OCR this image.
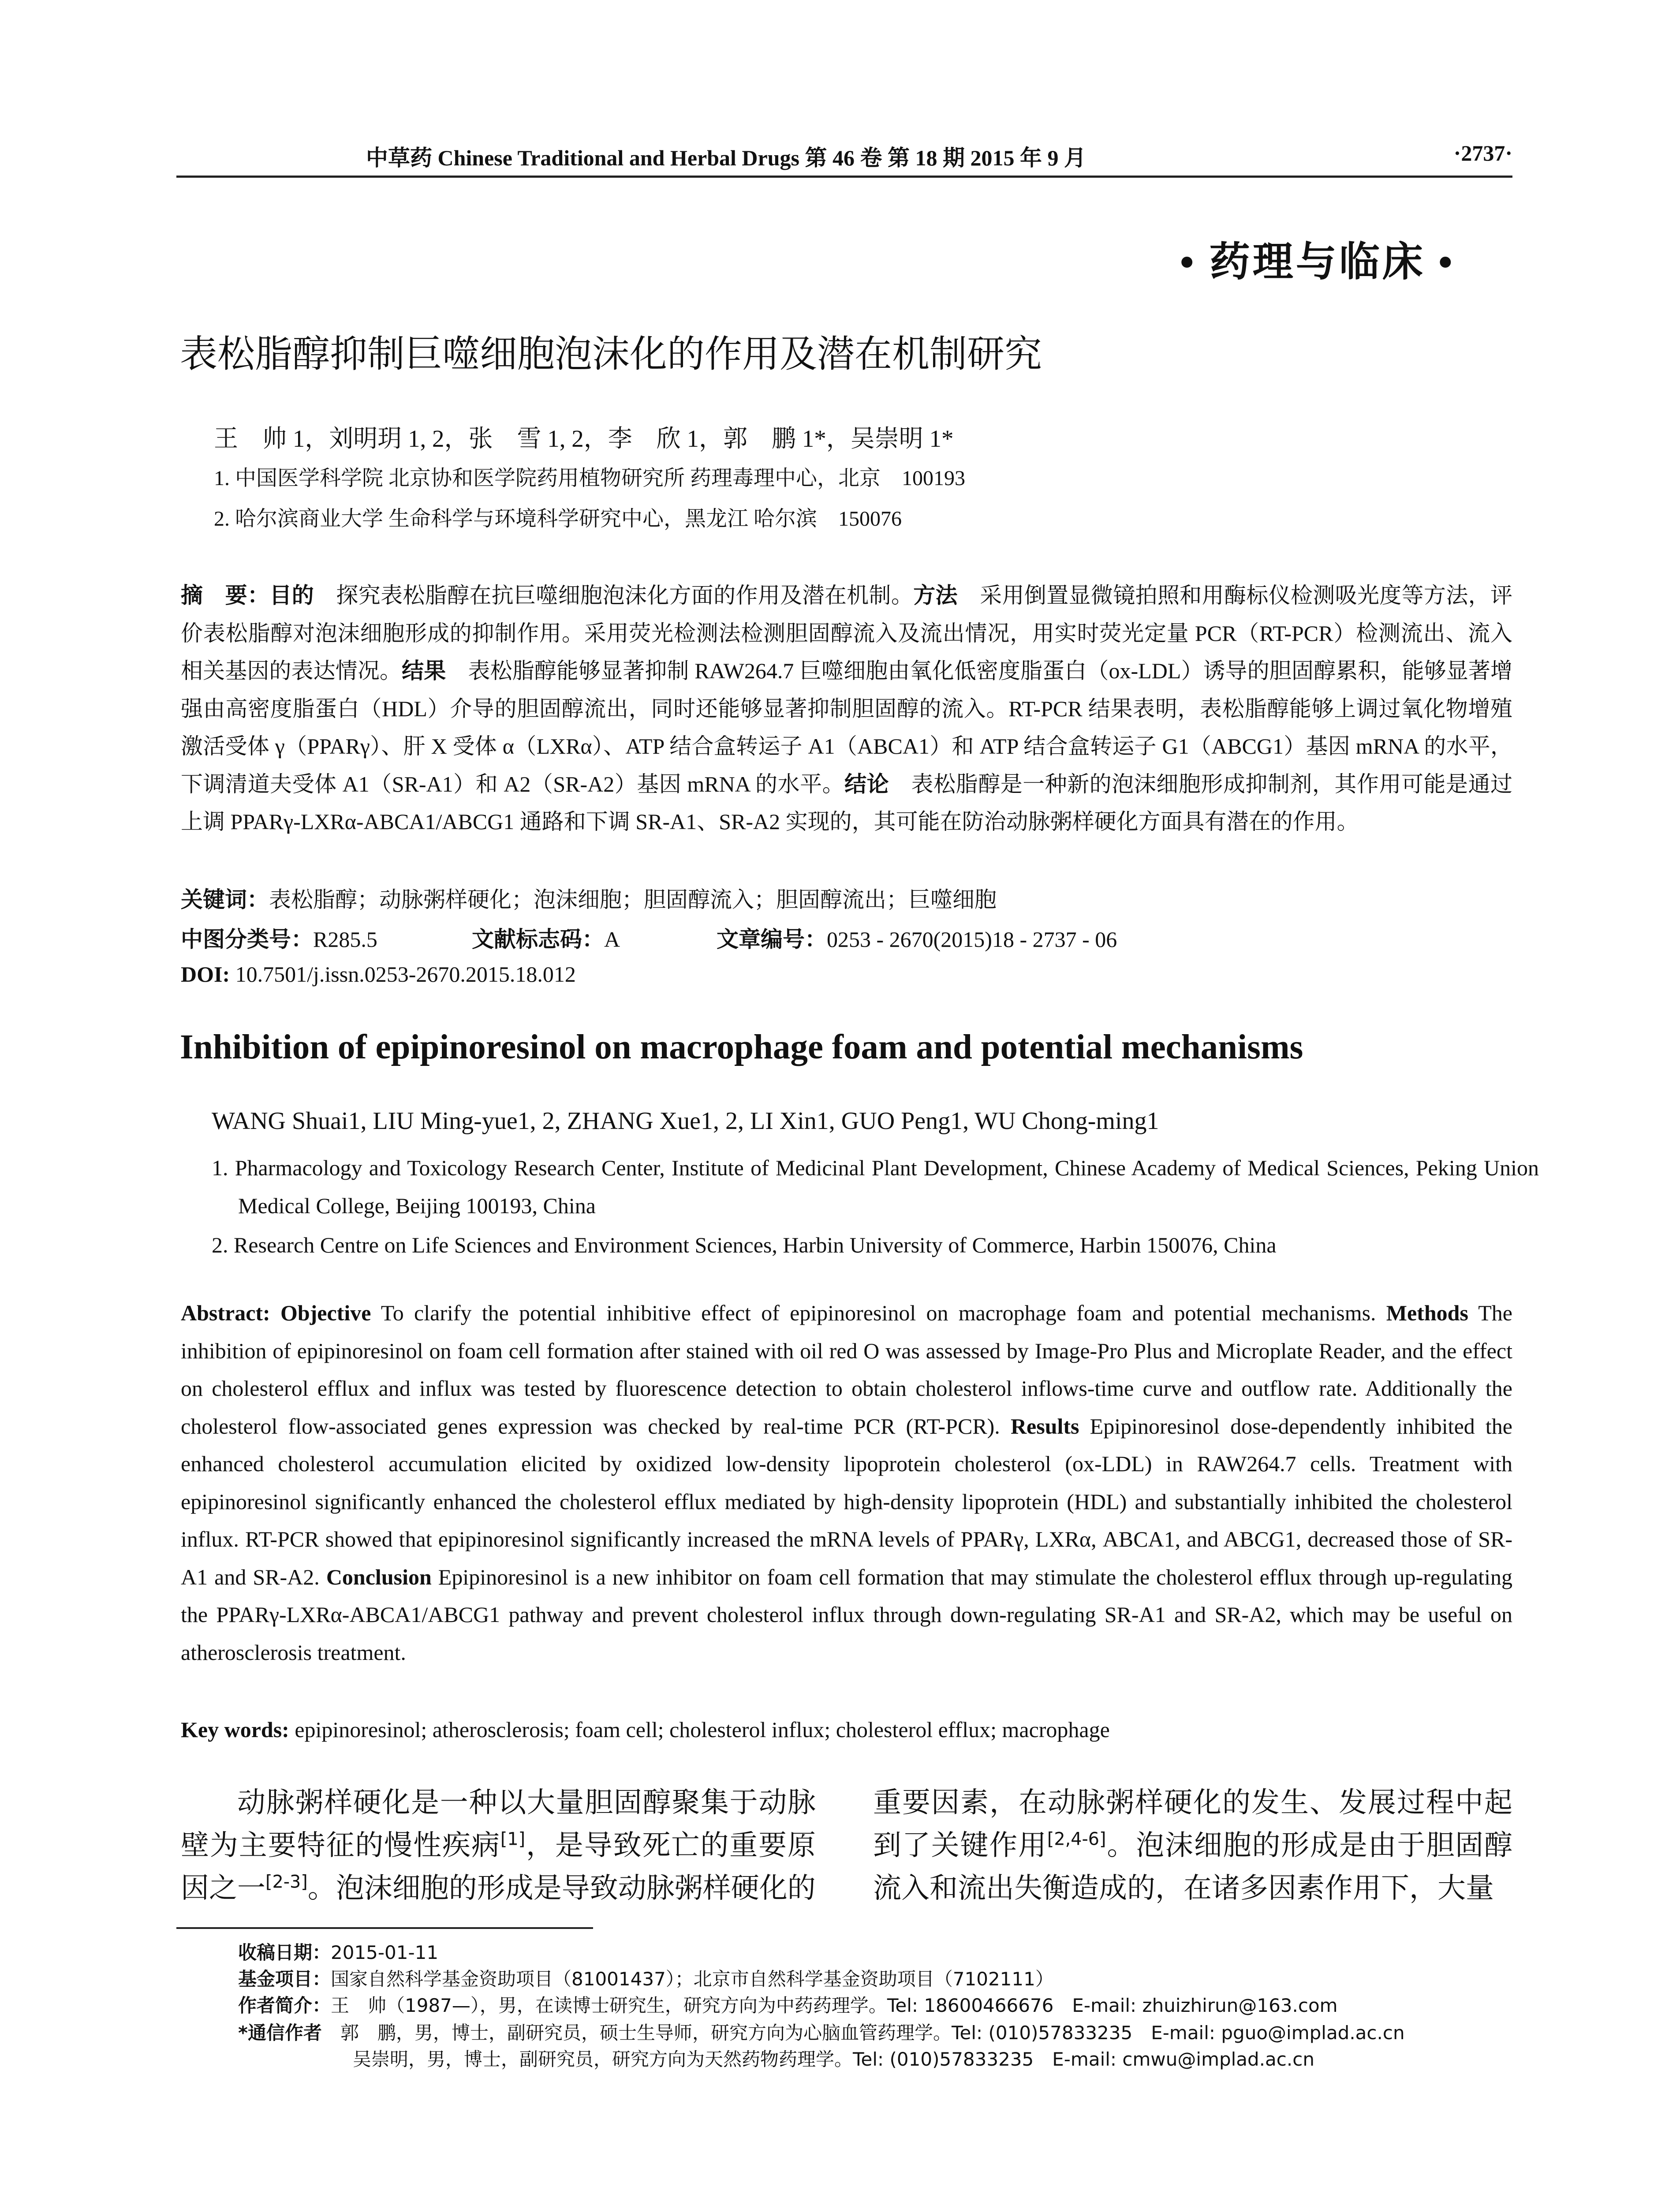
中草药 Chinese Traditional and Herbal Drugs 第 46 卷 第 18 期 2015 年 9 月	·2737·
• 药理与临床 •
表松脂醇抑制巨噬细胞泡沫化的作用及潜在机制研究
王　帅 1，刘明玥 1, 2，张　雪 1, 2，李　欣 1，郭　鹏 1*，吴崇明 1*
1. 中国医学科学院 北京协和医学院药用植物研究所 药理毒理中心，北京　100193
2. 哈尔滨商业大学 生命科学与环境科学研究中心，黑龙江 哈尔滨　150076
摘　要：目的　探究表松脂醇在抗巨噬细胞泡沫化方面的作用及潜在机制。方法　采用倒置显微镜拍照和用酶标仪检测吸光度等方法，评价表松脂醇对泡沫细胞形成的抑制作用。采用荧光检测法检测胆固醇流入及流出情况，用实时荧光定量 PCR（RT-PCR）检测流出、流入相关基因的表达情况。结果　表松脂醇能够显著抑制 RAW264.7 巨噬细胞由氧化低密度脂蛋白（ox-LDL）诱导的胆固醇累积，能够显著增强由高密度脂蛋白（HDL）介导的胆固醇流出，同时还能够显著抑制胆固醇的流入。RT-PCR 结果表明，表松脂醇能够上调过氧化物增殖激活受体 γ（PPARγ）、肝 X 受体 α（LXRα）、ATP 结合盒转运子 A1（ABCA1）和 ATP 结合盒转运子 G1（ABCG1）基因 mRNA 的水平，下调清道夫受体 A1（SR-A1）和 A2（SR-A2）基因 mRNA 的水平。结论　表松脂醇是一种新的泡沫细胞形成抑制剂，其作用可能是通过上调 PPARγ-LXRα-ABCA1/ABCG1 通路和下调 SR-A1、SR-A2 实现的，其可能在防治动脉粥样硬化方面具有潜在的作用。
关键词：表松脂醇；动脉粥样硬化；泡沫细胞；胆固醇流入；胆固醇流出；巨噬细胞
中图分类号：R285.5	文献标志码：A	文章编号：0253 - 2670(2015)18 - 2737 - 06
DOI: 10.7501/j.issn.0253-2670.2015.18.012
Inhibition of epipinoresinol on macrophage foam and potential mechanisms
WANG Shuai1, LIU Ming-yue1, 2, ZHANG Xue1, 2, LI Xin1, GUO Peng1, WU Chong-ming1
1. Pharmacology and Toxicology Research Center, Institute of Medicinal Plant Development, Chinese Academy of Medical Sciences, Peking Union Medical College, Beijing 100193, China
2. Research Centre on Life Sciences and Environment Sciences, Harbin University of Commerce, Harbin 150076, China
Abstract: Objective To clarify the potential inhibitive effect of epipinoresinol on macrophage foam and potential mechanisms. Methods The inhibition of epipinoresinol on foam cell formation after stained with oil red O was assessed by Image-Pro Plus and Microplate Reader, and the effect on cholesterol efflux and influx was tested by fluorescence detection to obtain cholesterol inflows-time curve and outflow rate. Additionally the cholesterol flow-associated genes expression was checked by real-time PCR (RT-PCR). Results Epipinoresinol dose-dependently inhibited the enhanced cholesterol accumulation elicited by oxidized low-density lipoprotein cholesterol (ox-LDL) in RAW264.7 cells. Treatment with epipinoresinol significantly enhanced the cholesterol efflux mediated by high-density lipoprotein (HDL) and substantially inhibited the cholesterol influx. RT-PCR showed that epipinoresinol significantly increased the mRNA levels of PPARγ, LXRα, ABCA1, and ABCG1, decreased those of SR-A1 and SR-A2. Conclusion Epipinoresinol is a new inhibitor on foam cell formation that may stimulate the cholesterol efflux through up-regulating the PPARγ-LXRα-ABCA1/ABCG1 pathway and prevent cholesterol influx through down-regulating SR-A1 and SR-A2, which may be useful on atherosclerosis treatment.
Key words: epipinoresinol; atherosclerosis; foam cell; cholesterol influx; cholesterol efflux; macrophage
动脉粥样硬化是一种以大量胆固醇聚集于动脉壁为主要特征的慢性疾病[1]，是导致死亡的重要原因之一[2-3]。泡沫细胞的形成是导致动脉粥样硬化的
重要因素，在动脉粥样硬化的发生、发展过程中起到了关键作用[2,4-6]。泡沫细胞的形成是由于胆固醇流入和流出失衡造成的，在诸多因素作用下，大量
收稿日期：2015-01-11
基金项目：国家自然科学基金资助项目（81001437）；北京市自然科学基金资助项目（7102111）
作者简介：王　帅（1987—），男，在读博士研究生，研究方向为中药药理学。Tel: 18600466676　E-mail: zhuizhirun@163.com
*通信作者　郭　鹏，男，博士，副研究员，硕士生导师，研究方向为心脑血管药理学。Tel: (010)57833235　E-mail: pguo@implad.ac.cn
吴崇明，男，博士，副研究员，研究方向为天然药物药理学。Tel: (010)57833235　E-mail: cmwu@implad.ac.cn
